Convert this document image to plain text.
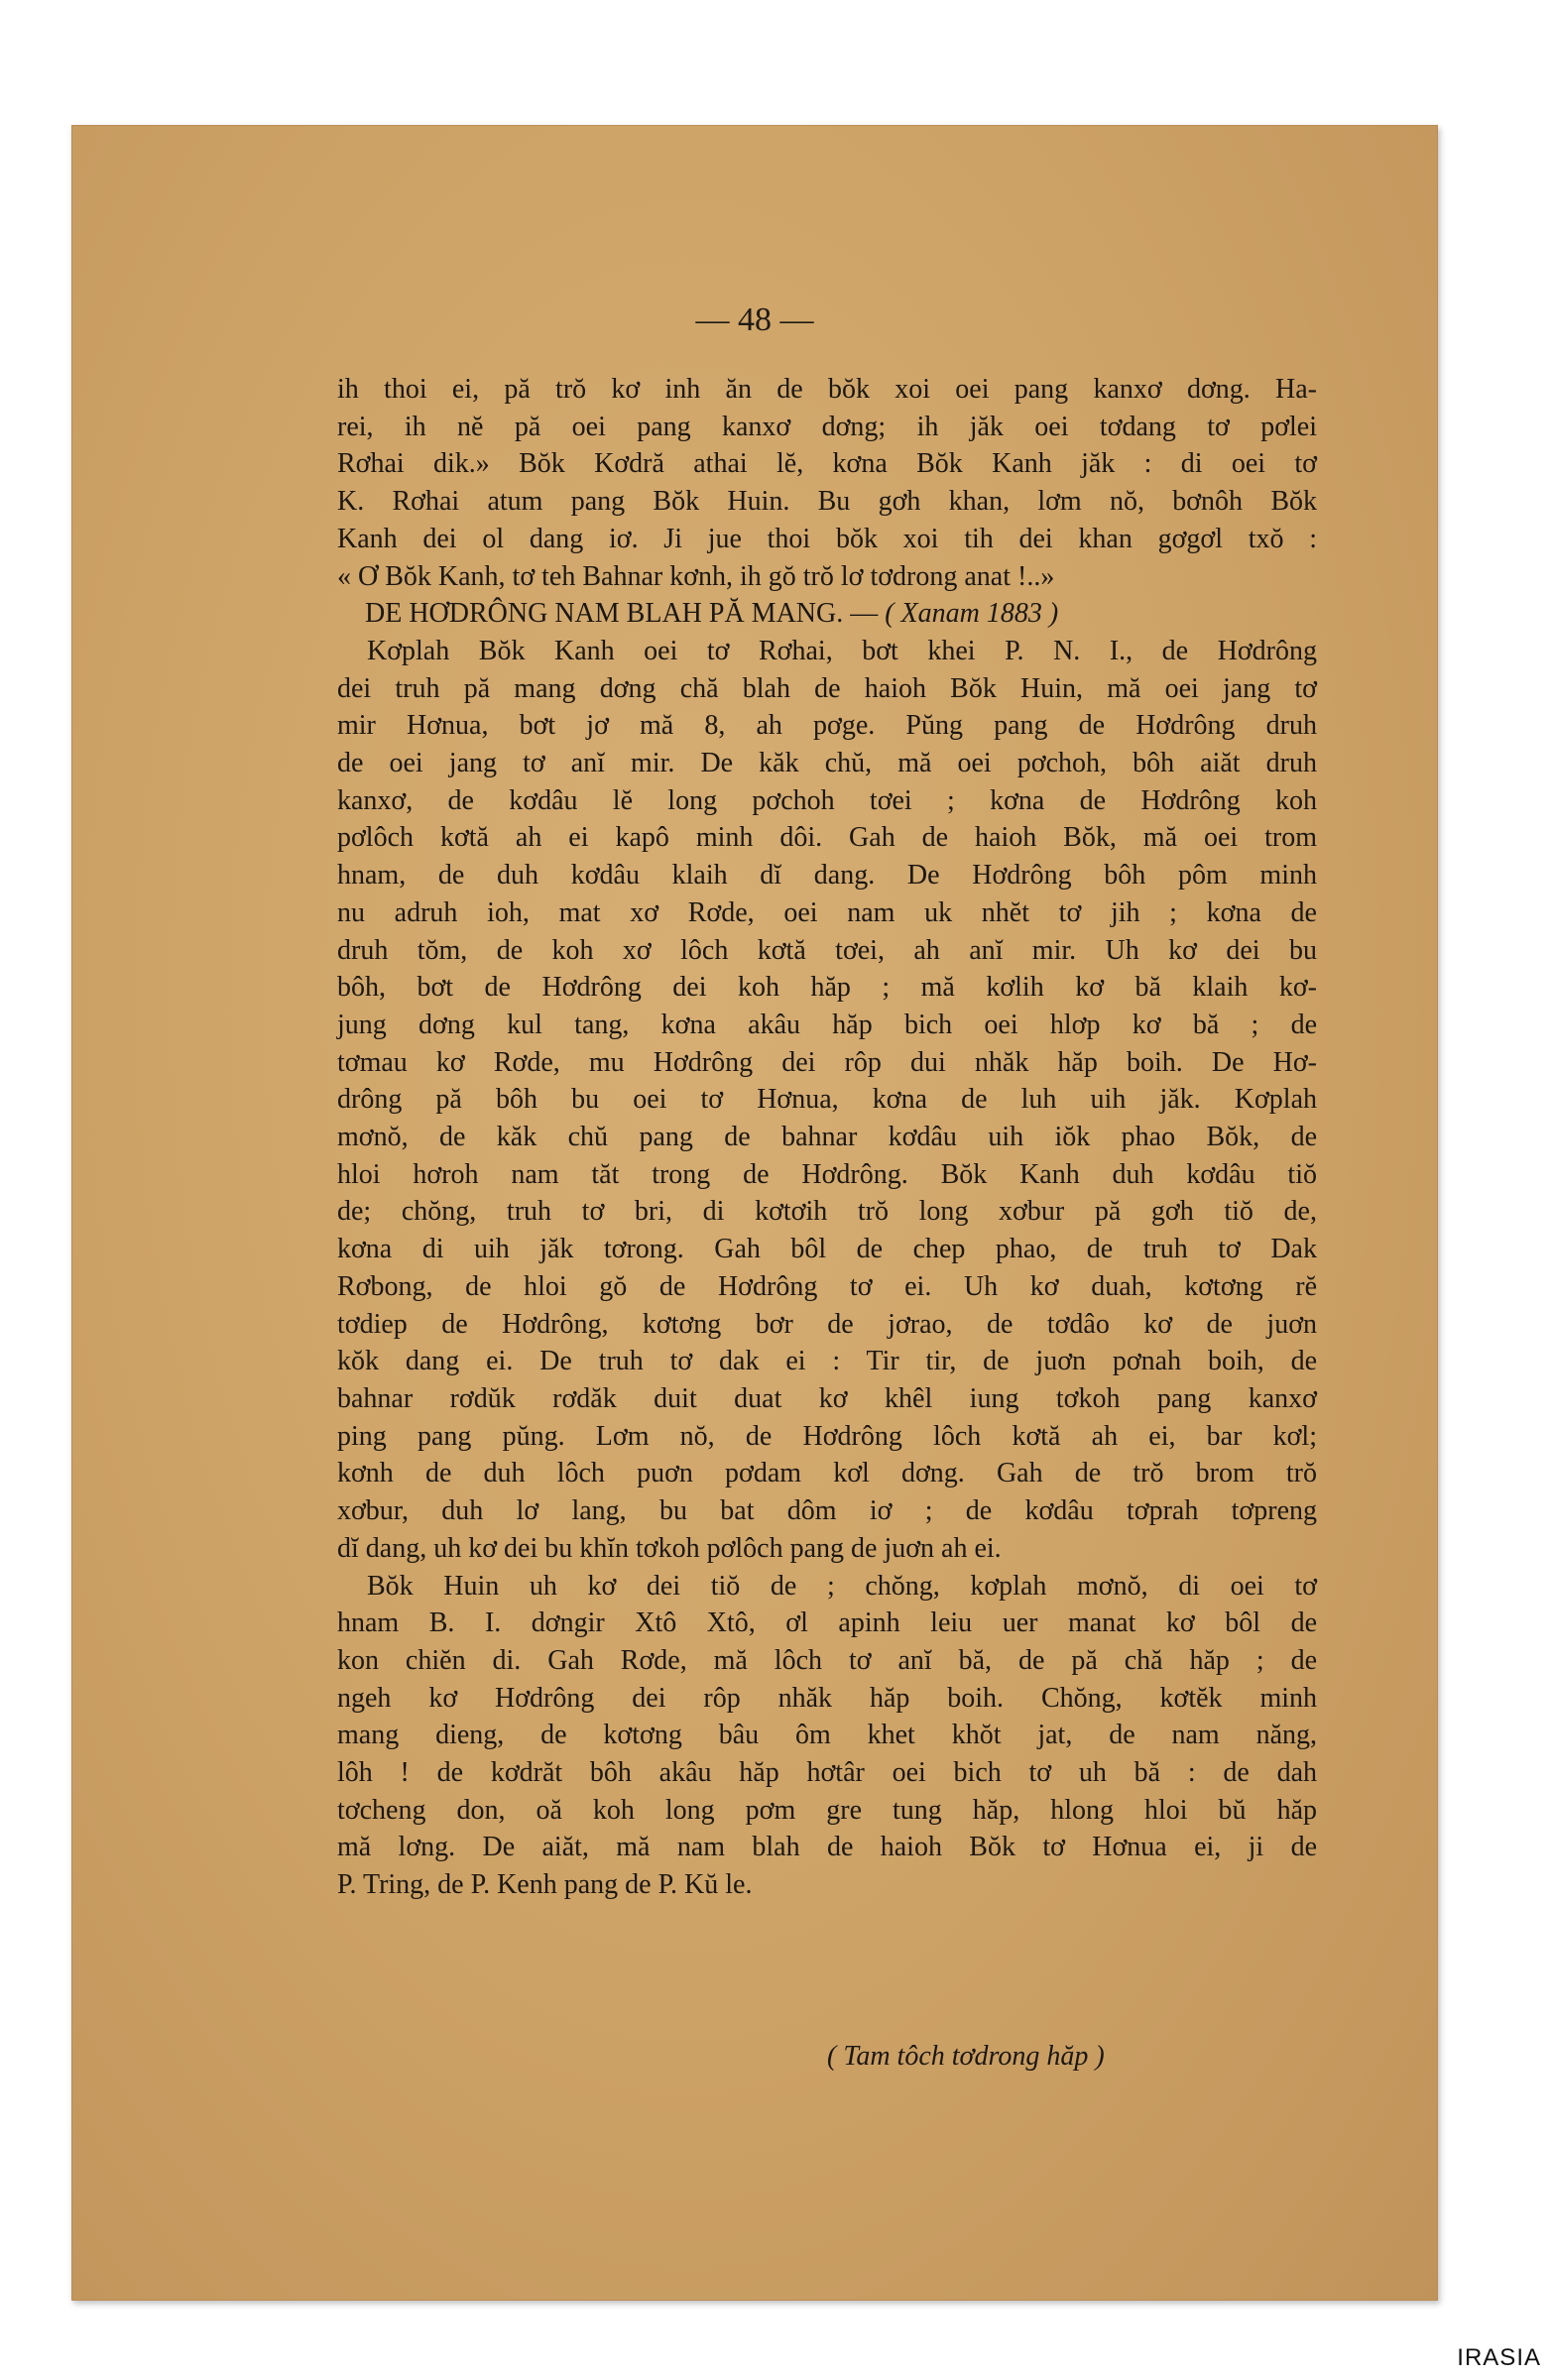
— 48 —
ih thoi ei, pă trŏ kơ inh ăn de bŏk xoi oei pang kanxơ dơng. Ha-
rei, ih nĕ pă oei pang kanxơ dơng; ih jăk oei tơdang tơ pơlei
Rơhai dik.» Bŏk Kơdră athai lĕ, kơna Bŏk Kanh jăk : di oei tơ
K. Rơhai atum pang Bŏk Huin. Bu gơh khan, lơm nŏ, bơnôh Bŏk
Kanh dei ol dang iơ. Ji jue thoi bŏk xoi tih dei khan gơgơl txŏ :
« Ơ Bŏk Kanh, tơ teh Bahnar kơnh, ih gŏ trŏ lơ tơdrong anat !..»
DE HƠDRÔNG NAM BLAH PĂ MANG. — ( Xanam 1883 )
Kơplah Bŏk Kanh oei tơ Rơhai, bơt khei P. N. I., de Hơdrông
dei truh pă mang dơng chă blah de haioh Bŏk Huin, mă oei jang tơ
mir Hơnua, bơt jơ mă 8, ah pơge. Pŭng pang de Hơdrông druh
de oei jang tơ anĭ mir. De kăk chŭ, mă oei pơchoh, bôh aiăt druh
kanxơ, de kơdâu lĕ long pơchoh tơei ; kơna de Hơdrông koh
pơlôch kơtă ah ei kapô minh dôi. Gah de haioh Bŏk, mă oei trom
hnam, de duh kơdâu klaih dĭ dang. De Hơdrông bôh pôm minh
nu adruh ioh, mat xơ Rơde, oei nam uk nhĕt tơ jih ; kơna de
druh tŏm, de koh xơ lôch kơtă tơei, ah anĭ mir. Uh kơ dei bu
bôh, bơt de Hơdrông dei koh hăp ; mă kơlih kơ bă klaih kơ-
jung dơng kul tang, kơna akâu hăp bich oei hlơp kơ bă ; de
tơmau kơ Rơde, mu Hơdrông dei rôp dui nhăk hăp boih. De Hơ-
drông pă bôh bu oei tơ Hơnua, kơna de luh uih jăk. Kơplah
mơnŏ, de kăk chŭ pang de bahnar kơdâu uih iŏk phao Bŏk, de
hloi hơroh nam tăt trong de Hơdrông. Bŏk Kanh duh kơdâu tiŏ
de; chŏng, truh tơ bri, di kơtơih trŏ long xơbur pă gơh tiŏ de,
kơna di uih jăk tơrong. Gah bôl de chep phao, de truh tơ Dak
Rơbong, de hloi gŏ de Hơdrông tơ ei. Uh kơ duah, kơtơng rĕ
tơdiep de Hơdrông, kơtơng bơr de jơrao, de tơdâo kơ de juơn
kŏk dang ei. De truh tơ dak ei : Tir tir, de juơn pơnah boih, de
bahnar rơdŭk rơdăk duit duat kơ khêl iung tơkoh pang kanxơ
ping pang pŭng. Lơm nŏ, de Hơdrông lôch kơtă ah ei, bar kơl;
kơnh de duh lôch puơn pơdam kơl dơng. Gah de trŏ brom trŏ
xơbur, duh lơ lang, bu bat dôm iơ ; de kơdâu tơprah tơpreng
dĭ dang, uh kơ dei bu khĭn tơkoh pơlôch pang de juơn ah ei.
Bŏk Huin uh kơ dei tiŏ de ; chŏng, kơplah mơnŏ, di oei tơ
hnam B. I. dơngir Xtô Xtô, ơl apinh leiu uer manat kơ bôl de
kon chiĕn di. Gah Rơde, mă lôch tơ anĭ bă, de pă chă hăp ; de
ngeh kơ Hơdrông dei rôp nhăk hăp boih. Chŏng, kơtĕk minh
mang dieng, de kơtơng bâu ôm khet khŏt jat, de nam năng,
lôh ! de kơdrăt bôh akâu hăp hơtâr oei bich tơ uh bă : de dah
tơcheng don, oă koh long pơm gre tung hăp, hlong hloi bŭ hăp
mă lơng. De aiăt, mă nam blah de haioh Bŏk tơ Hơnua ei, ji de
P. Tring, de P. Kenh pang de P. Kŭ le.
( Tam tôch tơdrong hăp )
IRASIA
